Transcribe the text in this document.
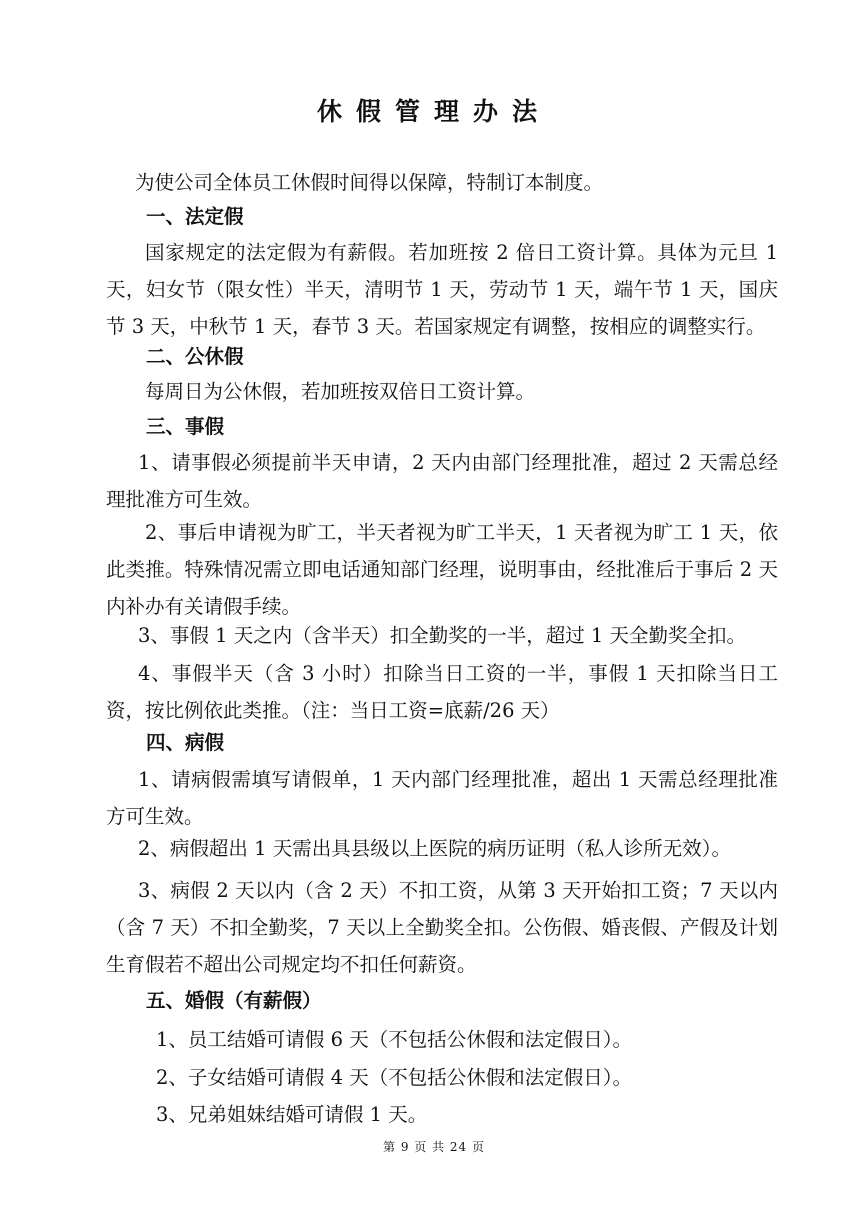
休假管理办法
为使公司全体员工休假时间得以保障，特制订本制度。
一、法定假
国家规定的法定假为有薪假。若加班按 2 倍日工资计算。具体为元旦 1 天，妇女节（限女性）半天，清明节 1 天，劳动节 1 天，端午节 1 天，国庆节 3 天，中秋节 1 天，春节 3 天。若国家规定有调整，按相应的调整实行。
二、公休假
每周日为公休假，若加班按双倍日工资计算。
三、事假
1、请事假必须提前半天申请，2 天内由部门经理批准，超过 2 天需总经理批准方可生效。
2、事后申请视为旷工，半天者视为旷工半天，1 天者视为旷工 1 天，依此类推。特殊情况需立即电话通知部门经理，说明事由，经批准后于事后 2 天内补办有关请假手续。
3、事假 1 天之内（含半天）扣全勤奖的一半，超过 1 天全勤奖全扣。
4、事假半天（含 3 小时）扣除当日工资的一半，事假 1 天扣除当日工资，按比例依此类推。（注：当日工资=底薪/26 天）
四、病假
1、请病假需填写请假单，1 天内部门经理批准，超出 1 天需总经理批准方可生效。
2、病假超出 1 天需出具县级以上医院的病历证明（私人诊所无效）。
3、病假 2 天以内（含 2 天）不扣工资，从第 3 天开始扣工资；7 天以内（含 7 天）不扣全勤奖，7 天以上全勤奖全扣。公伤假、婚丧假、产假及计划生育假若不超出公司规定均不扣任何薪资。
五、婚假（有薪假）
1、员工结婚可请假 6 天（不包括公休假和法定假日）。
2、子女结婚可请假 4 天（不包括公休假和法定假日）。
3、兄弟姐妹结婚可请假 1 天。
第 9 页 共 24 页
